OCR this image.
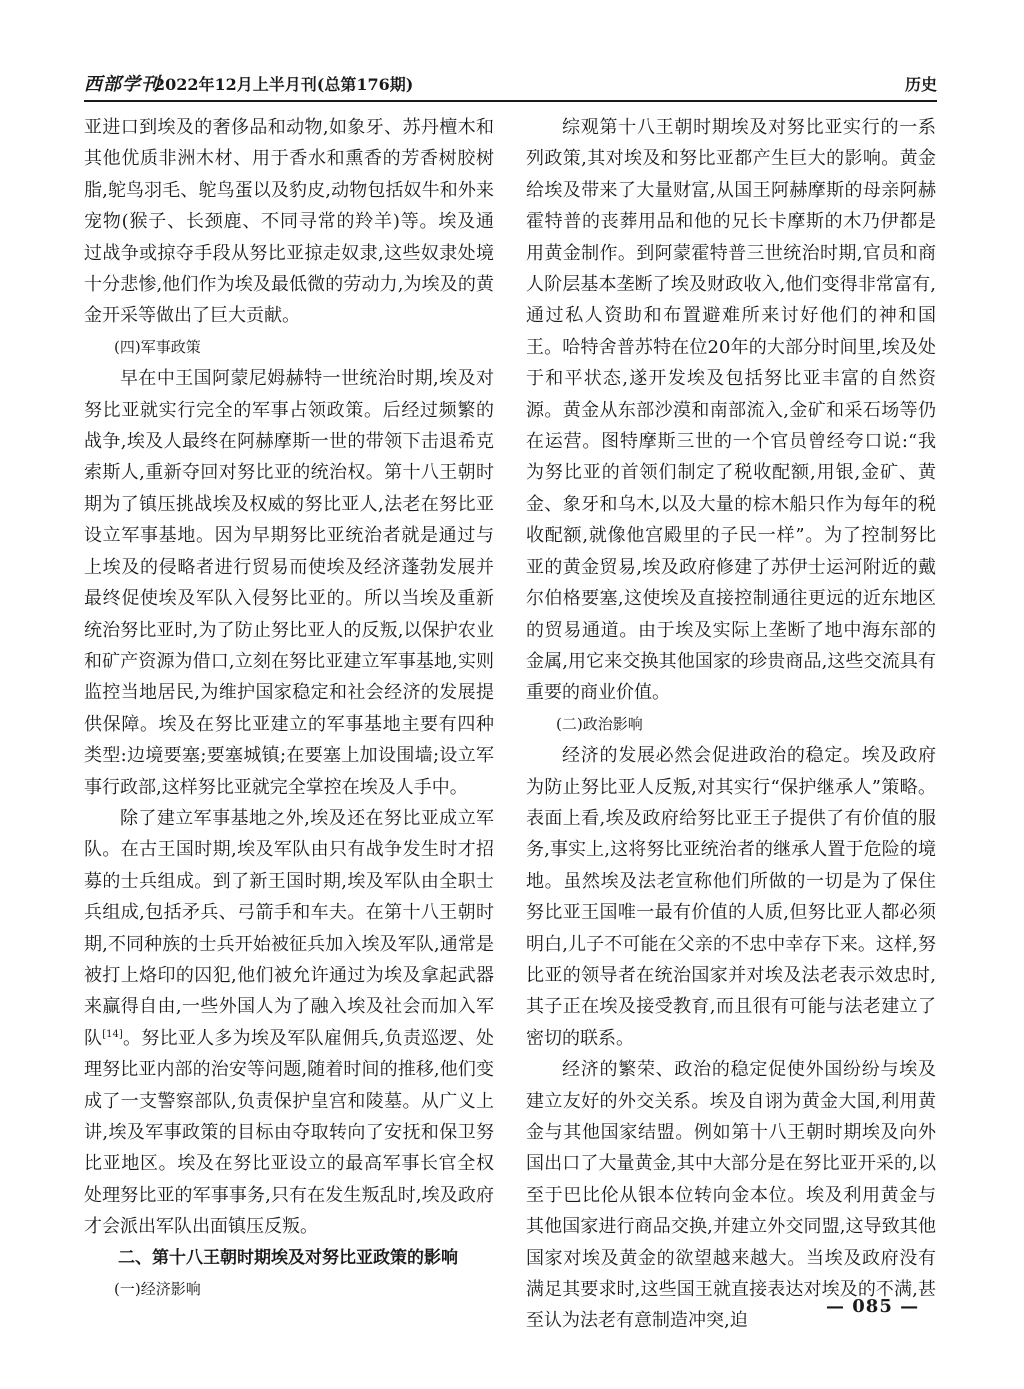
西部学刊
2022年12月上半月刊(总第176期)	历史

亚进口到埃及的奢侈品和动物,如象牙、苏丹檀木和其他优质非洲木材、用于香水和熏香的芳香树胶树脂,鸵鸟羽毛、鸵鸟蛋以及豹皮,动物包括奴牛和外来宠物(猴子、长颈鹿、不同寻常的羚羊)等。埃及通过战争或掠夺手段从努比亚掠走奴隶,这些奴隶处境十分悲惨,他们作为埃及最低微的劳动力,为埃及的黄金开采等做出了巨大贡献。

(四)军事政策

早在中王国阿蒙尼姆赫特一世统治时期,埃及对努比亚就实行完全的军事占领政策。后经过频繁的战争,埃及人最终在阿赫摩斯一世的带领下击退希克索斯人,重新夺回对努比亚的统治权。第十八王朝时期为了镇压挑战埃及权威的努比亚人,法老在努比亚设立军事基地。因为早期努比亚统治者就是通过与上埃及的侵略者进行贸易而使埃及经济蓬勃发展并最终促使埃及军队入侵努比亚的。所以当埃及重新统治努比亚时,为了防止努比亚人的反叛,以保护农业和矿产资源为借口,立刻在努比亚建立军事基地,实则监控当地居民,为维护国家稳定和社会经济的发展提供保障。埃及在努比亚建立的军事基地主要有四种类型:边境要塞;要塞城镇;在要塞上加设围墙;设立军事行政部,这样努比亚就完全掌控在埃及人手中。

除了建立军事基地之外,埃及还在努比亚成立军队。在古王国时期,埃及军队由只有战争发生时才招募的士兵组成。到了新王国时期,埃及军队由全职士兵组成,包括矛兵、弓箭手和车夫。在第十八王朝时期,不同种族的士兵开始被征兵加入埃及军队,通常是被打上烙印的囚犯,他们被允许通过为埃及拿起武器来赢得自由,一些外国人为了融入埃及社会而加入军队[14]。努比亚人多为埃及军队雇佣兵,负责巡逻、处理努比亚内部的治安等问题,随着时间的推移,他们变成了一支警察部队,负责保护皇宫和陵墓。从广义上讲,埃及军事政策的目标由夺取转向了安抚和保卫努比亚地区。埃及在努比亚设立的最高军事长官全权处理努比亚的军事事务,只有在发生叛乱时,埃及政府才会派出军队出面镇压反叛。

二、第十八王朝时期埃及对努比亚政策的影响

(一)经济影响

综观第十八王朝时期埃及对努比亚实行的一系列政策,其对埃及和努比亚都产生巨大的影响。黄金给埃及带来了大量财富,从国王阿赫摩斯的母亲阿赫霍特普的丧葬用品和他的兄长卡摩斯的木乃伊都是用黄金制作。到阿蒙霍特普三世统治时期,官员和商人阶层基本垄断了埃及财政收入,他们变得非常富有,通过私人资助和布置避难所来讨好他们的神和国王。哈特舍普苏特在位20年的大部分时间里,埃及处于和平状态,遂开发埃及包括努比亚丰富的自然资源。黄金从东部沙漠和南部流入,金矿和采石场等仍在运营。图特摩斯三世的一个官员曾经夸口说:“我为努比亚的首领们制定了税收配额,用银,金矿、黄金、象牙和乌木,以及大量的棕木船只作为每年的税收配额,就像他宫殿里的子民一样”。为了控制努比亚的黄金贸易,埃及政府修建了苏伊士运河附近的戴尔伯格要塞,这使埃及直接控制通往更远的近东地区的贸易通道。由于埃及实际上垄断了地中海东部的金属,用它来交换其他国家的珍贵商品,这些交流具有重要的商业价值。

(二)政治影响

经济的发展必然会促进政治的稳定。埃及政府为防止努比亚人反叛,对其实行“保护继承人”策略。表面上看,埃及政府给努比亚王子提供了有价值的服务,事实上,这将努比亚统治者的继承人置于危险的境地。虽然埃及法老宣称他们所做的一切是为了保住努比亚王国唯一最有价值的人质,但努比亚人都必须明白,儿子不可能在父亲的不忠中幸存下来。这样,努比亚的领导者在统治国家并对埃及法老表示效忠时,其子正在埃及接受教育,而且很有可能与法老建立了密切的联系。

经济的繁荣、政治的稳定促使外国纷纷与埃及建立友好的外交关系。埃及自诩为黄金大国,利用黄金与其他国家结盟。例如第十八王朝时期埃及向外国出口了大量黄金,其中大部分是在努比亚开采的,以至于巴比伦从银本位转向金本位。埃及利用黄金与其他国家进行商品交换,并建立外交同盟,这导致其他国家对埃及黄金的欲望越来越大。当埃及政府没有满足其要求时,这些国王就直接表达对埃及的不满,甚至认为法老有意制造冲突,迫

— 085 —
